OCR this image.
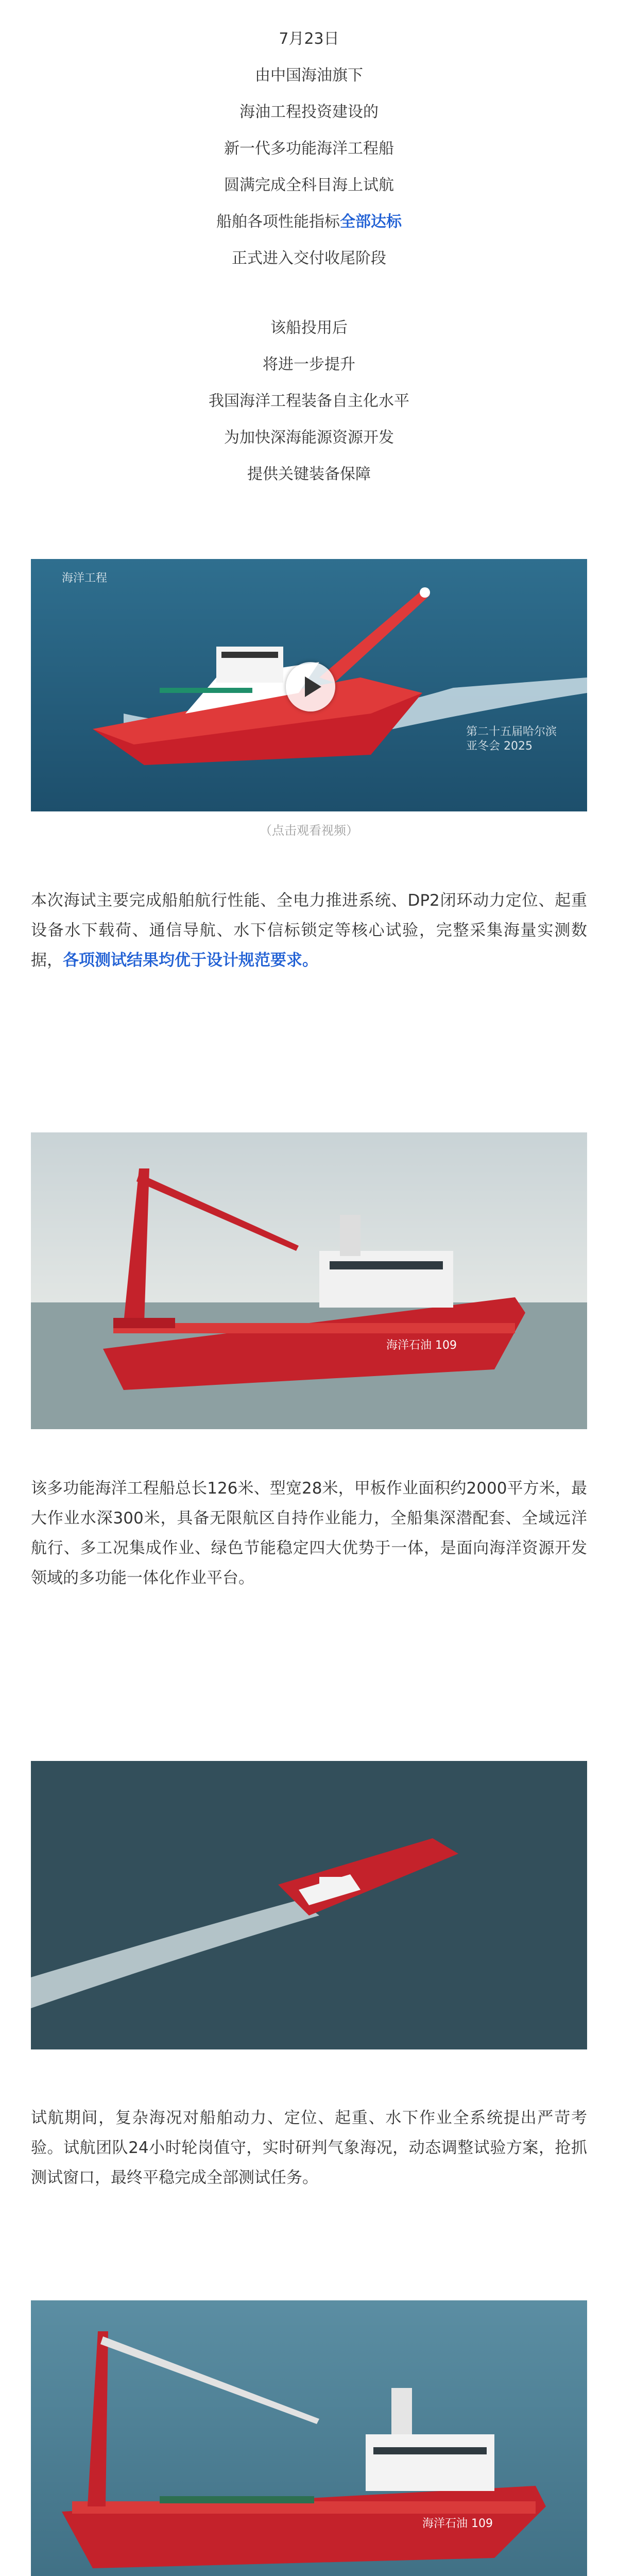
7月23日
由中国海油旗下
海油工程投资建设的
新一代多功能海洋工程船
圆满完成全科目海上试航
船舶各项性能指标全部达标
正式进入交付收尾阶段
该船投用后
将进一步提升
我国海洋工程装备自主化水平
为加快深海能源资源开发
提供关键装备保障
第二十五届哈尔滨
亚冬会 2025
海洋工程
（点击观看视频）

本次海试主要完成船舶航行性能、全电力推进系统、DP2闭环动力定位、起重设备水下载荷、通信导航、水下信标锁定等核心试验，完整采集海量实测数据，各项测试结果均优于设计规范要求。

海洋石油 109

该多功能海洋工程船总长126米、型宽28米，甲板作业面积约2000平方米，最大作业水深300米，具备无限航区自持作业能力，全船集深潜配套、全域远洋航行、多工况集成作业、绿色节能稳定四大优势于一体，是面向海洋资源开发领域的多功能一体化作业平台。

试航期间，复杂海况对船舶动力、定位、起重、水下作业全系统提出严苛考验。试航团队24小时轮岗值守，实时研判气象海况，动态调整试验方案，抢抓测试窗口，最终平稳完成全部测试任务。

海洋石油 109
